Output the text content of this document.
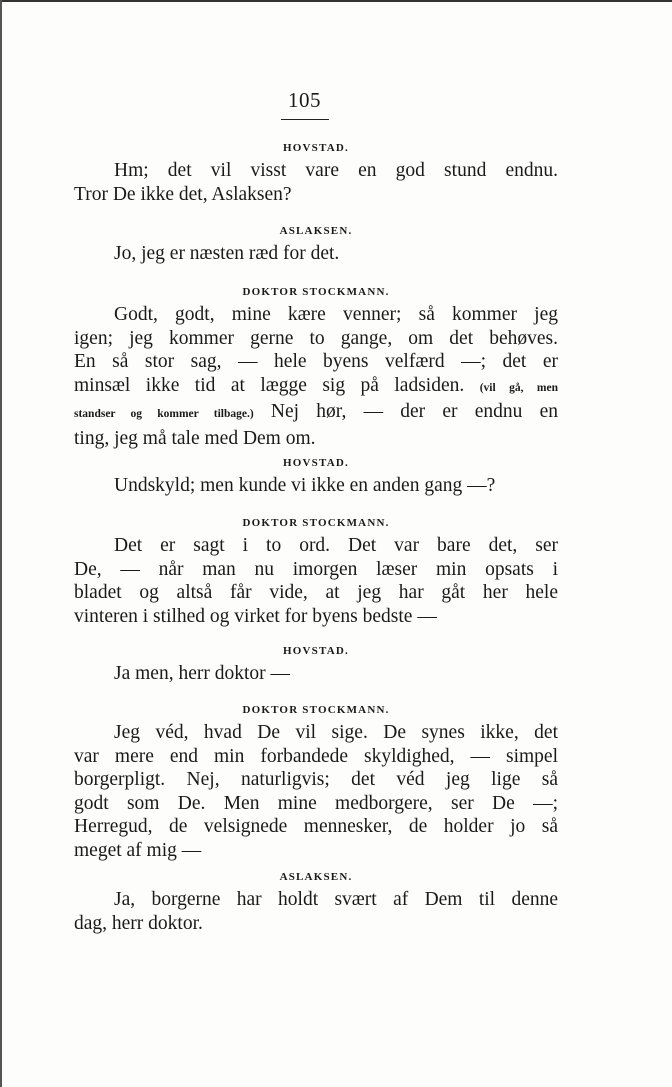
105
HOVSTAD.
Hm; det vil visst vare en god stund endnu.
Tror De ikke det, Aslaksen?
ASLAKSEN.
Jo, jeg er næsten ræd for det.
DOKTOR STOCKMANN.
Godt, godt, mine kære venner; så kommer jeg
igen; jeg kommer gerne to gange, om det behøves.
En så stor sag, — hele byens velfærd —; det er
minsæl ikke tid at lægge sig på ladsiden. (vil gå, men
standser og kommer tilbage.) Nej hør, — der er endnu en
ting, jeg må tale med Dem om.
HOVSTAD.
Undskyld; men kunde vi ikke en anden gang —?
DOKTOR STOCKMANN.
Det er sagt i to ord. Det var bare det, ser
De, — når man nu imorgen læser min opsats i
bladet og altså får vide, at jeg har gåt her hele
vinteren i stilhed og virket for byens bedste —
HOVSTAD.
Ja men, herr doktor —
DOKTOR STOCKMANN.
Jeg véd, hvad De vil sige. De synes ikke, det
var mere end min forbandede skyldighed, — simpel
borgerpligt. Nej, naturligvis; det véd jeg lige så
godt som De. Men mine medborgere, ser De —;
Herregud, de velsignede mennesker, de holder jo så
meget af mig —
ASLAKSEN.
Ja, borgerne har holdt svært af Dem til denne
dag, herr doktor.
